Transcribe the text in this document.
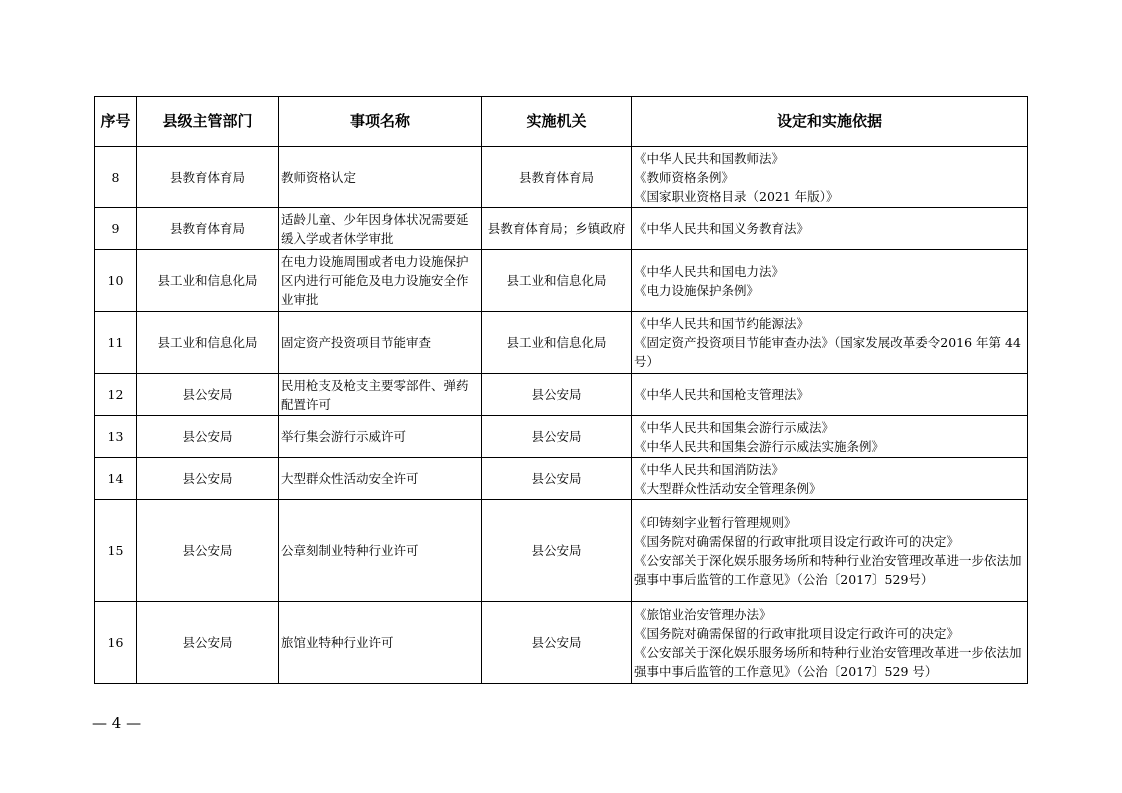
序号	县级主管部门	事项名称	实施机关	设定和实施依据
8	县教育体育局	教师资格认定	县教育体育局	《中华人民共和国教师法》
《教师资格条例》
《国家职业资格目录（2021 年版）》

9	县教育体育局	适龄儿童、少年因身体状况需要延缓入学或者休学审批	县教育体育局；乡镇政府	《中华人民共和国义务教育法》

10	县工业和信息化局	在电力设施周围或者电力设施保护区内进行可能危及电力设施安全作业审批	县工业和信息化局	《中华人民共和国电力法》
《电力设施保护条例》

11	县工业和信息化局	固定资产投资项目节能审查	县工业和信息化局	《中华人民共和国节约能源法》
《固定资产投资项目节能审查办法》（国家发展改革委令2016 年第 44 号）

12	县公安局	民用枪支及枪支主要零部件、弹药配置许可	县公安局	《中华人民共和国枪支管理法》

13	县公安局	举行集会游行示威许可	县公安局	《中华人民共和国集会游行示威法》
《中华人民共和国集会游行示威法实施条例》

14	县公安局	大型群众性活动安全许可	县公安局	《中华人民共和国消防法》
《大型群众性活动安全管理条例》

15	县公安局	公章刻制业特种行业许可	县公安局	《印铸刻字业暂行管理规则》
《国务院对确需保留的行政审批项目设定行政许可的决定》
《公安部关于深化娱乐服务场所和特种行业治安管理改革进一步依法加强事中事后监管的工作意见》（公治〔2017〕529号）

16	县公安局	旅馆业特种行业许可	县公安局	《旅馆业治安管理办法》
《国务院对确需保留的行政审批项目设定行政许可的决定》
《公安部关于深化娱乐服务场所和特种行业治安管理改革进一步依法加强事中事后监管的工作意见》（公治〔2017〕529 号）
— 4 —
